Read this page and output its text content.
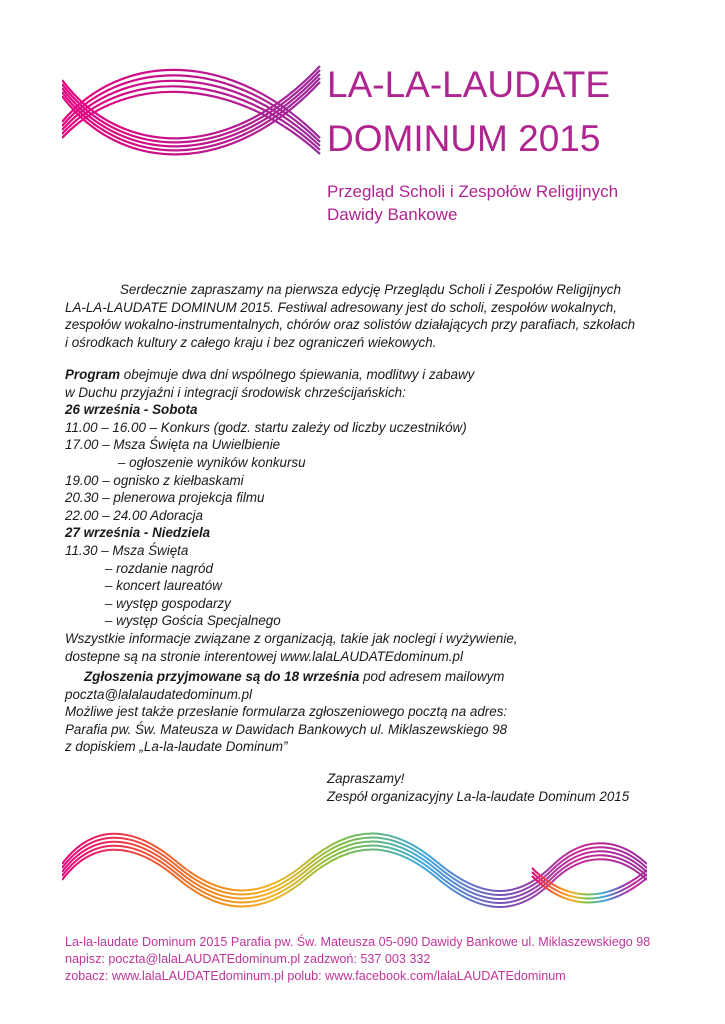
LA-LA-LAUDATE
DOMINUM 2015
Przegląd Scholi i Zespołów Religijnych
Dawidy Bankowe
Serdecznie zapraszamy na pierwsza edycję Przeglądu Scholi i Zespołów Religijnych
LA-LA-LAUDATE DOMINUM 2015. Festiwal adresowany jest do scholi, zespołów wokalnych,
zespołów wokalno-instrumentalnych, chórów oraz solistów działających przy parafiach, szkołach
i ośrodkach kultury z całego kraju i bez ograniczeń wiekowych.
Program obejmuje dwa dni wspólnego śpiewania, modlitwy i zabawy
w Duchu przyjaźni i integracji środowisk chrześcijańskich:
26 września - Sobota
11.00 – 16.00 – Konkurs (godz. startu zależy od liczby uczestników)
17.00 – Msza Święta na Uwielbienie
– ogłoszenie wyników konkursu
19.00 – ognisko z kiełbaskami
20.30 – plenerowa projekcja filmu
22.00 – 24.00 Adoracja
27 września - Niedziela
11.30 – Msza Święta
– rozdanie nagród
– koncert laureatów
– występ gospodarzy
– występ Gościa Specjalnego
Wszystkie informacje związane z organizacją, takie jak noclegi i wyżywienie,
dostepne są na stronie interentowej www.lalaLAUDATEdominum.pl
Zgłoszenia przyjmowane są do 18 września pod adresem mailowym
poczta@lalalaudatedominum.pl
Możliwe jest także przesłanie formularza zgłoszeniowego pocztą na adres:
Parafia pw. Św. Mateusza w Dawidach Bankowych ul. Miklaszewskiego 98
z dopiskiem „La-la-laudate Dominum”
Zapraszamy!
Zespół organizacyjny La-la-laudate Dominum 2015
La-la-laudate Dominum 2015 Parafia pw. Św. Mateusza 05-090 Dawidy Bankowe ul. Miklaszewskiego 98
napisz: poczta@lalaLAUDATEdominum.pl zadzwoń: 537 003 332
zobacz: www.lalaLAUDATEdominum.pl polub: www.facebook.com/lalaLAUDATEdominum
